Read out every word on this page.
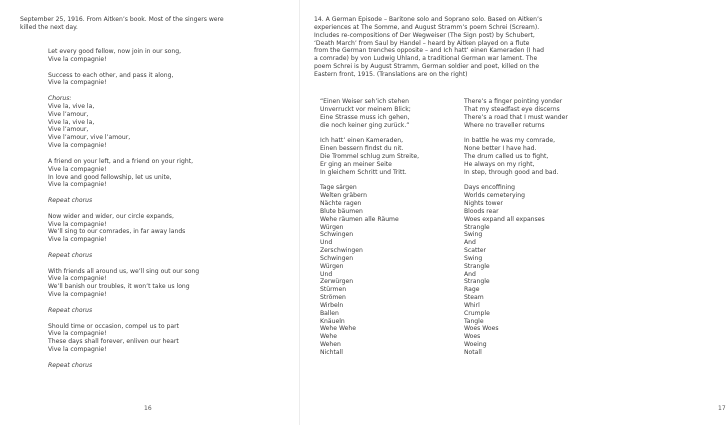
September 25, 1916. From Aitken’s book. Most of the singers were
killed the next day.
Let every good fellow, now join in our song,
Vive la compagnie!
Success to each other, and pass it along,
Vive la compagnie!
Chorus:
Vive la, vive la,
Vive l’amour,
Vive la, vive la,
Vive l’amour,
Vive l’amour, vive l’amour,
Vive la compagnie!
A friend on your left, and a friend on your right,
Vive la compagnie!
In love and good fellowship, let us unite,
Vive la compagnie!
Repeat chorus
Now wider and wider, our circle expands,
Vive la compagnie!
We’ll sing to our comrades, in far away lands
Vive la compagnie!
Repeat chorus
With friends all around us, we’ll sing out our song
Vive la compagnie!
We’ll banish our troubles, it won’t take us long
Vive la compagnie!
Repeat chorus
Should time or occasion, compel us to part
Vive la compagnie!
These days shall forever, enliven our heart
Vive la compagnie!
Repeat chorus
16
14. A German Episode – Baritone solo and Soprano solo. Based on Aitken’s
experiences at The Somme, and August Stramm’s poem Schrei (Scream).
Includes re-compositions of Der Wegweiser (The Sign post) by Schubert,
‘Death March’ from Saul by Handel – heard by Aitken played on a flute
from the German trenches opposite – and Ich hatt’ einen Kameraden (I had
a comrade) by von Ludwig Uhland, a traditional German war lament. The
poem Schrei is by August Stramm, German soldier and poet, killed on the
Eastern front, 1915. (Translations are on the right)
“Einen Weiser seh’ich stehen
Unverruckt vor meinem Blick;
Eine Strasse muss ich gehen,
die noch keiner ging zurück.”
Ich hatt’ einen Kameraden,
Einen bessern findst du nit.
Die Trommel schlug zum Streite,
Er ging an meiner Seite
In gleichem Schritt und Tritt.
Tage särgen
Welten gräbern
Nächte ragen
Blute bäumen
Wehe räumen alle Räume
Würgen
Schwingen
Und
Zerschwingen
Schwingen
Würgen
Und
Zerwürgen
Stürmen
Strömen
Wirbeln
Ballen
Knäueln
Wehe Wehe
Wehe
Wehen
Nichtall
There’s a finger pointing yonder
That my steadfast eye discerns
There’s a road that I must wander
Where no traveller returns
In battle he was my comrade,
None better I have had.
The drum called us to fight,
He always on my right,
In step, through good and bad.
Days encoffining
Worlds cemeterying
Nights tower
Bloods rear
Woes expand all expanses
Strangle
Swing
And
Scatter
Swing
Strangle
And
Strangle
Rage
Steam
Whirl
Crumple
Tangle
Woes Woes
Woes
Woeing
Notall
17
